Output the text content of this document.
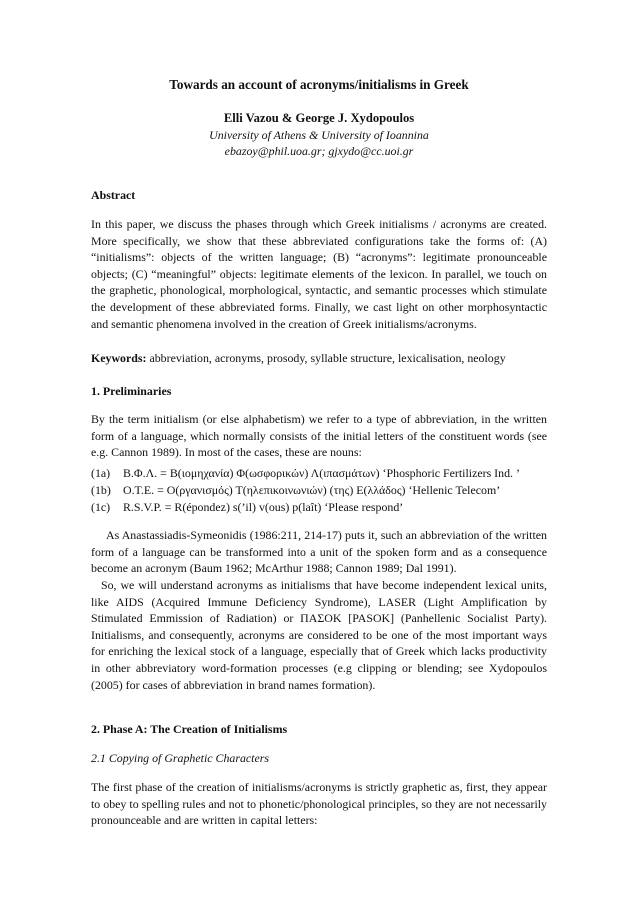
Towards an account of acronyms/initialisms in Greek
Elli Vazou & George J. Xydopoulos
University of Athens & University of Ioannina
ebazoy@phil.uoa.gr; gjxydo@cc.uoi.gr
Abstract
In this paper, we discuss the phases through which Greek initialisms / acronyms are created. More specifically, we show that these abbreviated configurations take the forms of: (A) “initialisms”: objects of the written language; (B) “acronyms”: legitimate pronounceable objects; (C) “meaningful” objects: legitimate elements of the lexicon. In parallel, we touch on the graphetic, phonological, morphological, syntactic, and semantic processes which stimulate the development of these abbreviated forms. Finally, we cast light on other morphosyntactic and semantic phenomena involved in the creation of Greek initialisms/acronyms.
Keywords: abbreviation, acronyms, prosody, syllable structure, lexicalisation, neology
1. Preliminaries
By the term initialism (or else alphabetism) we refer to a type of abbreviation, in the written form of a language, which normally consists of the initial letters of the constituent words (see e.g. Cannon 1989). In most of the cases, these are nouns:
(1a) Β.Φ.Λ. = Β(ιομηχανία) Φ(ωσφορικών) Λ(ιπασμάτων) ‘Phosphoric Fertilizers Ind. ’
(1b) Ο.Τ.Ε. = Ο(ργανισμός) Τ(ηλεπικοινωνιών) (της) Ε(λλάδος) ‘Hellenic Telecom’
(1c) R.S.V.P. = R(épondez) s(’il) v(ous) p(laît) ‘Please respond’
As Anastassiadis-Symeonidis (1986:211, 214-17) puts it, such an abbreviation of the written form of a language can be transformed into a unit of the spoken form and as a consequence become an acronym (Baum 1962; McArthur 1988; Cannon 1989; Dal 1991).
So, we will understand acronyms as initialisms that have become independent lexical units, like AIDS (Acquired Immune Deficiency Syndrome), LASER (Light Amplification by Stimulated Emmission of Radiation) or ΠΑΣΟΚ [PASOK] (Panhellenic Socialist Party). Initialisms, and consequently, acronyms are considered to be one of the most important ways for enriching the lexical stock of a language, especially that of Greek which lacks productivity in other abbreviatory word-formation processes (e.g clipping or blending; see Xydopoulos (2005) for cases of abbreviation in brand names formation).
2. Phase A: The Creation of Initialisms
2.1 Copying of Graphetic Characters
The first phase of the creation of initialisms/acronyms is strictly graphetic as, first, they appear to obey to spelling rules and not to phonetic/phonological principles, so they are not necessarily pronounceable and are written in capital letters:
